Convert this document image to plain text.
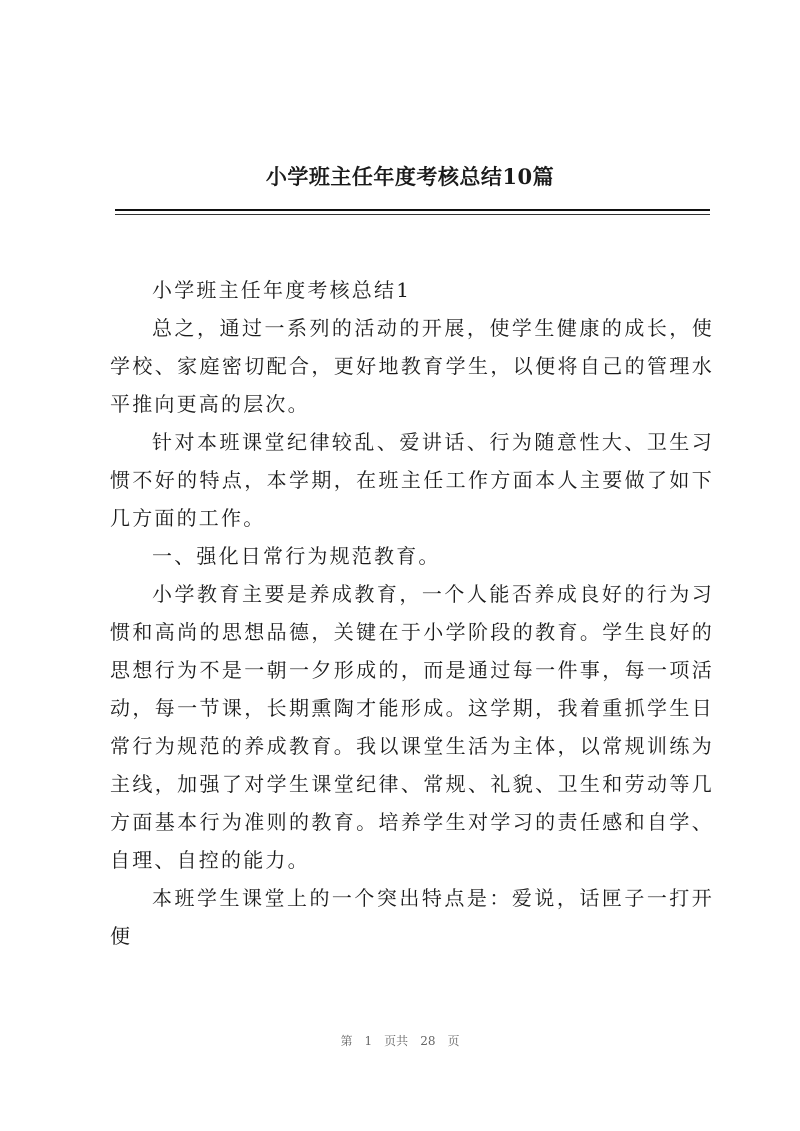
小学班主任年度考核总结10篇

小学班主任年度考核总结1

总之，通过一系列的活动的开展，使学生健康的成长，使学校、家庭密切配合，更好地教育学生，以便将自己的管理水平推向更高的层次。

针对本班课堂纪律较乱、爱讲话、行为随意性大、卫生习惯不好的特点，本学期，在班主任工作方面本人主要做了如下几方面的工作。

一、强化日常行为规范教育。

小学教育主要是养成教育，一个人能否养成良好的行为习惯和高尚的思想品德，关键在于小学阶段的教育。学生良好的思想行为不是一朝一夕形成的，而是通过每一件事，每一项活动，每一节课，长期熏陶才能形成。这学期，我着重抓学生日常行为规范的养成教育。我以课堂生活为主体，以常规训练为主线，加强了对学生课堂纪律、常规、礼貌、卫生和劳动等几方面基本行为准则的教育。培养学生对学习的责任感和自学、自理、自控的能力。

本班学生课堂上的一个突出特点是：爱说，话匣子一打开便

第 1 页共 28 页
